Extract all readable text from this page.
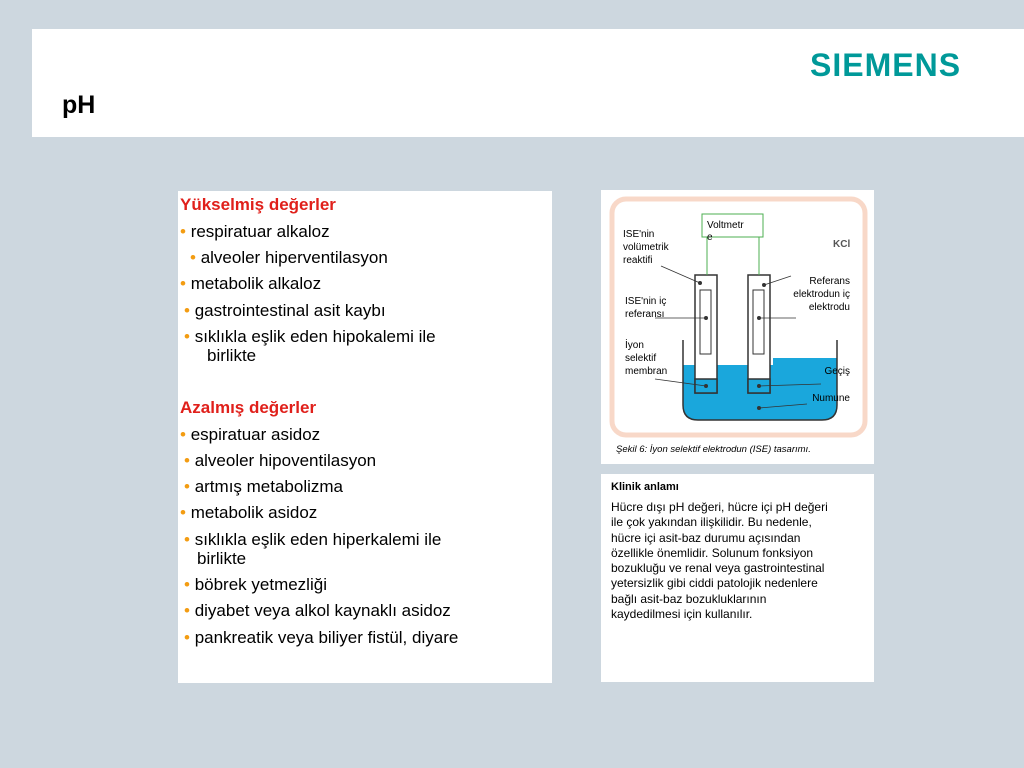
pH
SIEMENS
Yükselmiş değerler
• respiratuar alkaloz
• alveoler hiperventilasyon
• metabolik alkaloz
• gastrointestinal asit kaybı
• sıklıkla eşlik eden hipokalemi ile
birlikte
Azalmış değerler
• espiratuar asidoz
• alveoler hipoventilasyon
• artmış metabolizma
• metabolik asidoz
• sıklıkla eşlik eden hiperkalemi ile
birlikte
• böbrek yetmezliği
• diyabet veya alkol kaynaklı asidoz
• pankreatik veya biliyer fistül, diyare
Voltmetr
e
KCl
ISE'nin
volümetrik
reaktifi
ISE'nin iç
referansı
İyon
selektif
membran
Referans
elektrodun iç
elektrodu
Geçiş
Numune
Şekil 6: İyon selektif elektrodun (ISE) tasarımı.
Klinik anlamı
Hücre dışı pH değeri, hücre içi pH değeri
ile çok yakından ilişkilidir. Bu nedenle,
hücre içi asit-baz durumu açısından
özellikle önemlidir. Solunum fonksiyon
bozukluğu ve renal veya gastrointestinal
yetersizlik gibi ciddi patolojik nedenlere
bağlı asit-baz bozukluklarının
kaydedilmesi için kullanılır.
